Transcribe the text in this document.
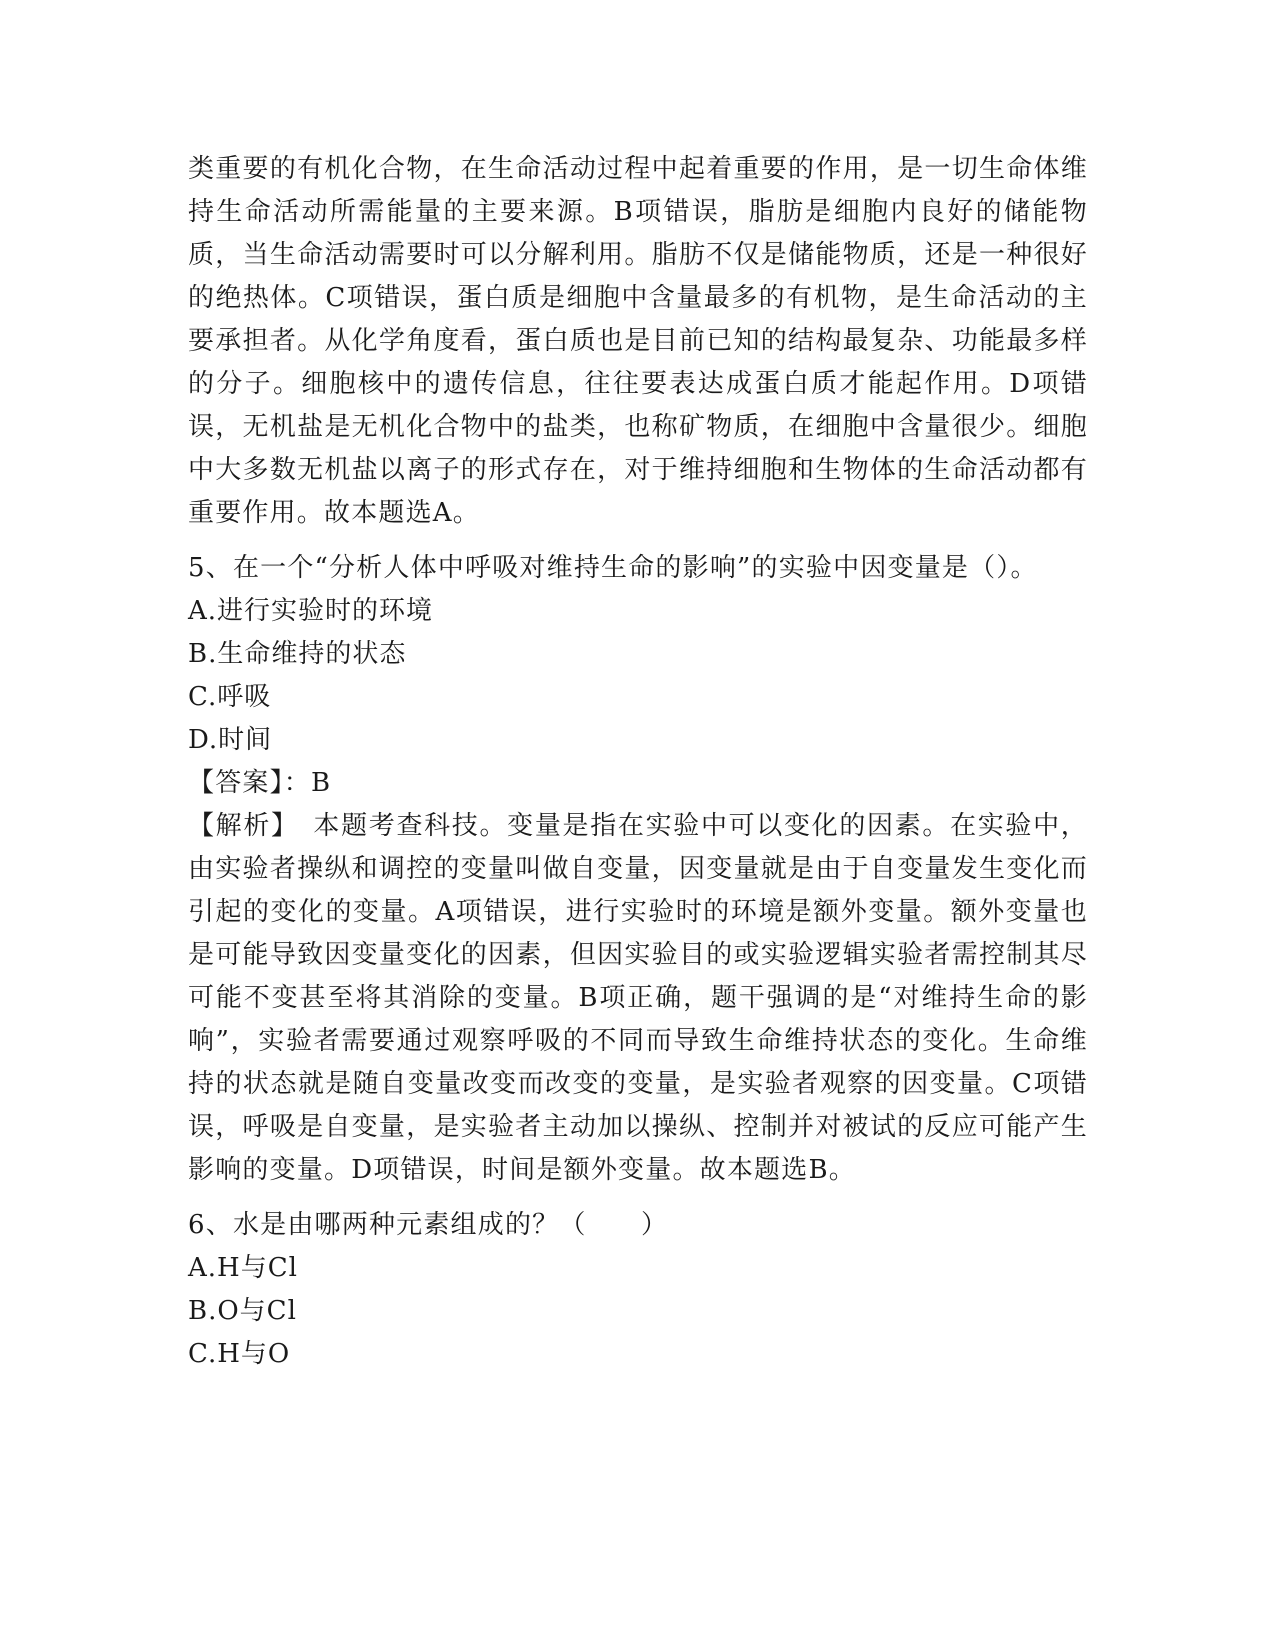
类重要的有机化合物，在生命活动过程中起着重要的作用，是一切生命体维持生命活动所需能量的主要来源。B项错误，脂肪是细胞内良好的储能物质，当生命活动需要时可以分解利用。脂肪不仅是储能物质，还是一种很好的绝热体。C项错误，蛋白质是细胞中含量最多的有机物，是生命活动的主要承担者。从化学角度看，蛋白质也是目前已知的结构最复杂、功能最多样的分子。细胞核中的遗传信息，往往要表达成蛋白质才能起作用。D项错误，无机盐是无机化合物中的盐类，也称矿物质，在细胞中含量很少。细胞中大多数无机盐以离子的形式存在，对于维持细胞和生物体的生命活动都有重要作用。故本题选A。

5、在一个“分析人体中呼吸对维持生命的影响”的实验中因变量是（）。

A.进行实验时的环境

B.生命维持的状态

C.呼吸

D.时间

【答案】：B

【解析】　本题考查科技。变量是指在实验中可以变化的因素。在实验中，由实验者操纵和调控的变量叫做自变量，因变量就是由于自变量发生变化而引起的变化的变量。A项错误，进行实验时的环境是额外变量。额外变量也是可能导致因变量变化的因素，但因实验目的或实验逻辑实验者需控制其尽可能不变甚至将其消除的变量。B项正确，题干强调的是“对维持生命的影响”，实验者需要通过观察呼吸的不同而导致生命维持状态的变化。生命维持的状态就是随自变量改变而改变的变量，是实验者观察的因变量。C项错误，呼吸是自变量，是实验者主动加以操纵、控制并对被试的反应可能产生影响的变量。D项错误，时间是额外变量。故本题选B。

6、水是由哪两种元素组成的？（　　）

A.H与Cl

B.O与Cl

C.H与O
